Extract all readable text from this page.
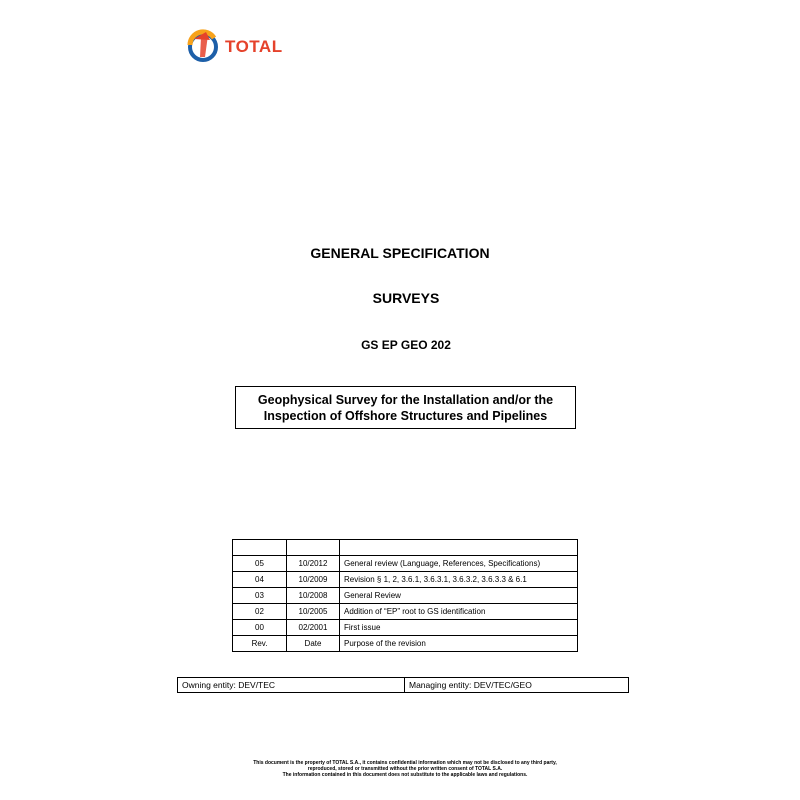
TOTAL
GENERAL SPECIFICATION
SURVEYS
GS EP GEO 202
Geophysical Survey for the Installation and/or the
Inspection of Offshore Structures and Pipelines

05	10/2012	General review (Language, References, Specifications)
04	10/2009	Revision § 1, 2, 3.6.1, 3.6.3.1, 3.6.3.2, 3.6.3.3 & 6.1
03	10/2008	General Review
02	10/2005	Addition of “EP” root to GS identification
00	02/2001	First issue
Rev.	Date	Purpose of the revision
Owning entity: DEV/TEC	Managing entity: DEV/TEC/GEO
This document is the property of TOTAL S.A., it contains confidential information which may not be disclosed to any third party,
reproduced, stored or transmitted without the prior written consent of TOTAL S.A.
The information contained in this document does not substitute to the applicable laws and regulations.
